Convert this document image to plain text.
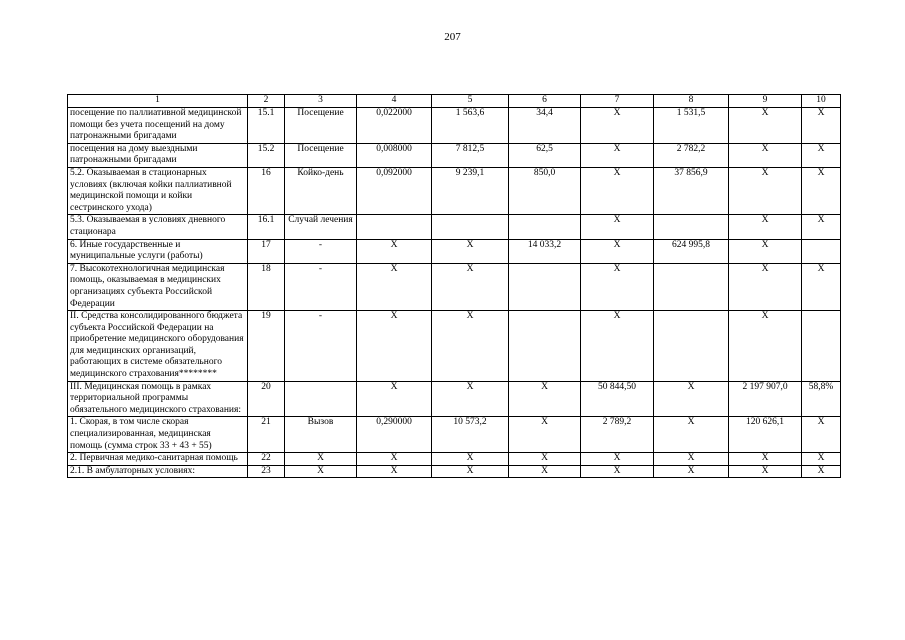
207
1	2	3	4	5	6	7	8	9	10
посещение по паллиативной медицинской помощи без учета посещений на дому патронажными бригадами	15.1	Посещение	0,022000	1 563,6	34,4	X	1 531,5	X	X
посещения на дому выездными патронажными бригадами	15.2	Посещение	0,008000	7 812,5	62,5	X	2 782,2	X	X
5.2. Оказываемая в стационарных условиях (включая койки паллиативной медицинской помощи и койки сестринского ухода)	16	Койко-день	0,092000	9 239,1	850,0	X	37 856,9	X	X
5.3. Оказываемая в условиях дневного стационара	16.1	Случай лечения				X		X	X
6. Иные государственные и муниципальные услуги (работы)	17	-	X	X	14 033,2	X	624 995,8	X	
7. Высокотехнологичная медицинская помощь, оказываемая в медицинских организациях субъекта Российской Федерации	18	-	X	X		X		X	X
II. Средства консолидированного бюджета субъекта Российской Федерации на приобретение медицинского оборудования для медицинских организаций, работающих в системе обязательного медицинского страхования********	19	-	X	X		X		X	
III. Медицинская помощь в рамках территориальной программы обязательного медицинского страхования:	20		X	X	X	50 844,50	X	2 197 907,0	58,8%
1. Скорая, в том числе скорая специализированная, медицинская помощь (сумма строк 33 + 43 + 55)	21	Вызов	0,290000	10 573,2	X	2 789,2	X	120 626,1	X
2. Первичная медико-санитарная помощь	22	X	X	X	X	X	X	X	X
2.1. В амбулаторных условиях:	23	X	X	X	X	X	X	X	X
